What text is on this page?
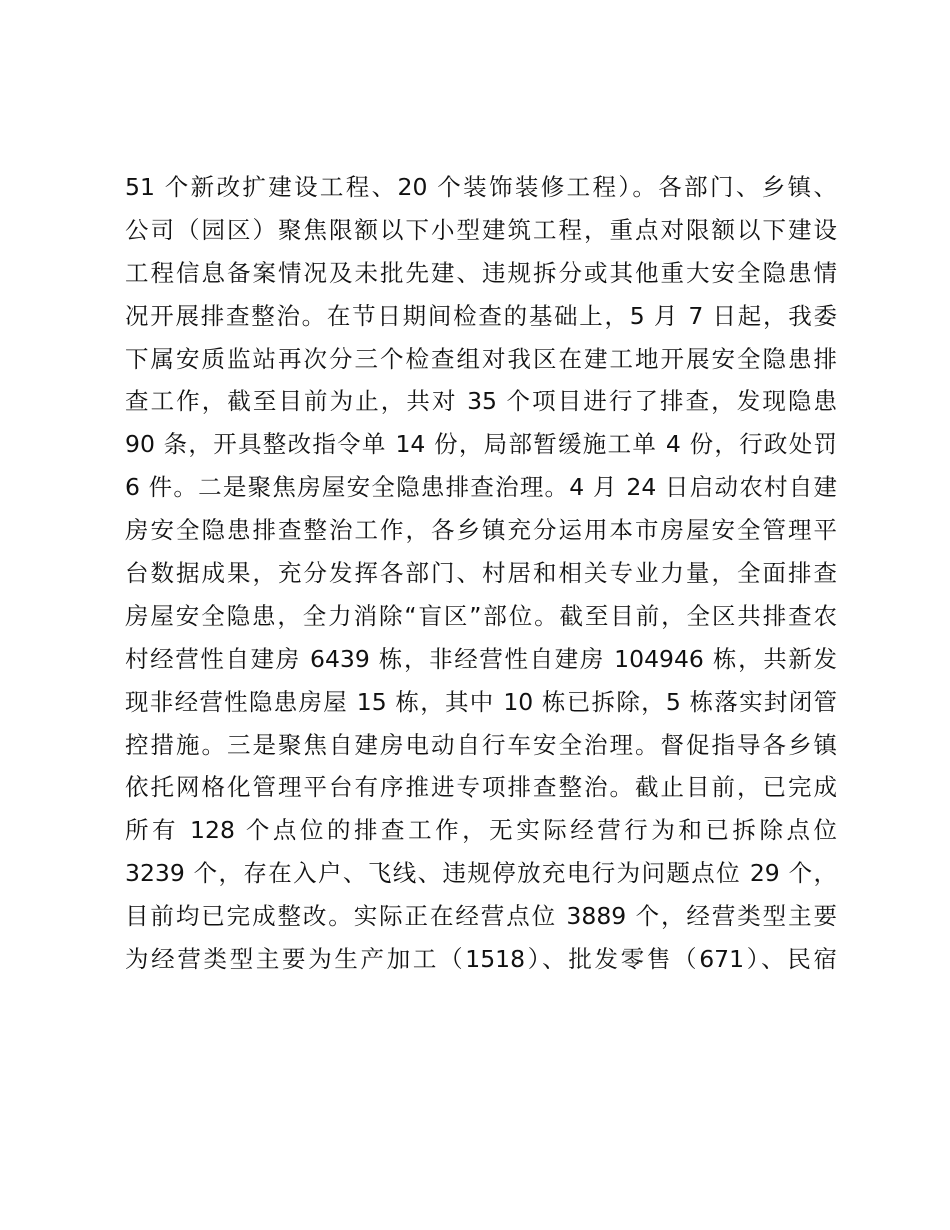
51 个新改扩建设工程、20 个装饰装修工程）。各部门、乡镇、
公司（园区）聚焦限额以下小型建筑工程，重点对限额以下建设
工程信息备案情况及未批先建、违规拆分或其他重大安全隐患情
况开展排查整治。在节日期间检查的基础上，5 月 7 日起，我委
下属安质监站再次分三个检查组对我区在建工地开展安全隐患排
查工作，截至目前为止，共对 35 个项目进行了排查，发现隐患
90 条，开具整改指令单 14 份，局部暂缓施工单 4 份，行政处罚
6 件。二是聚焦房屋安全隐患排查治理。4 月 24 日启动农村自建
房安全隐患排查整治工作，各乡镇充分运用本市房屋安全管理平
台数据成果，充分发挥各部门、村居和相关专业力量，全面排查
房屋安全隐患，全力消除“盲区”部位。截至目前，全区共排查农
村经营性自建房 6439 栋，非经营性自建房 104946 栋，共新发
现非经营性隐患房屋 15 栋，其中 10 栋已拆除，5 栋落实封闭管
控措施。三是聚焦自建房电动自行车安全治理。督促指导各乡镇
依托网格化管理平台有序推进专项排查整治。截止目前，已完成
所有 128 个点位的排查工作，无实际经营行为和已拆除点位
3239 个，存在入户、飞线、违规停放充电行为问题点位 29 个，
目前均已完成整改。实际正在经营点位 3889 个，经营类型主要
为经营类型主要为生产加工（1518）、批发零售（671）、民宿
